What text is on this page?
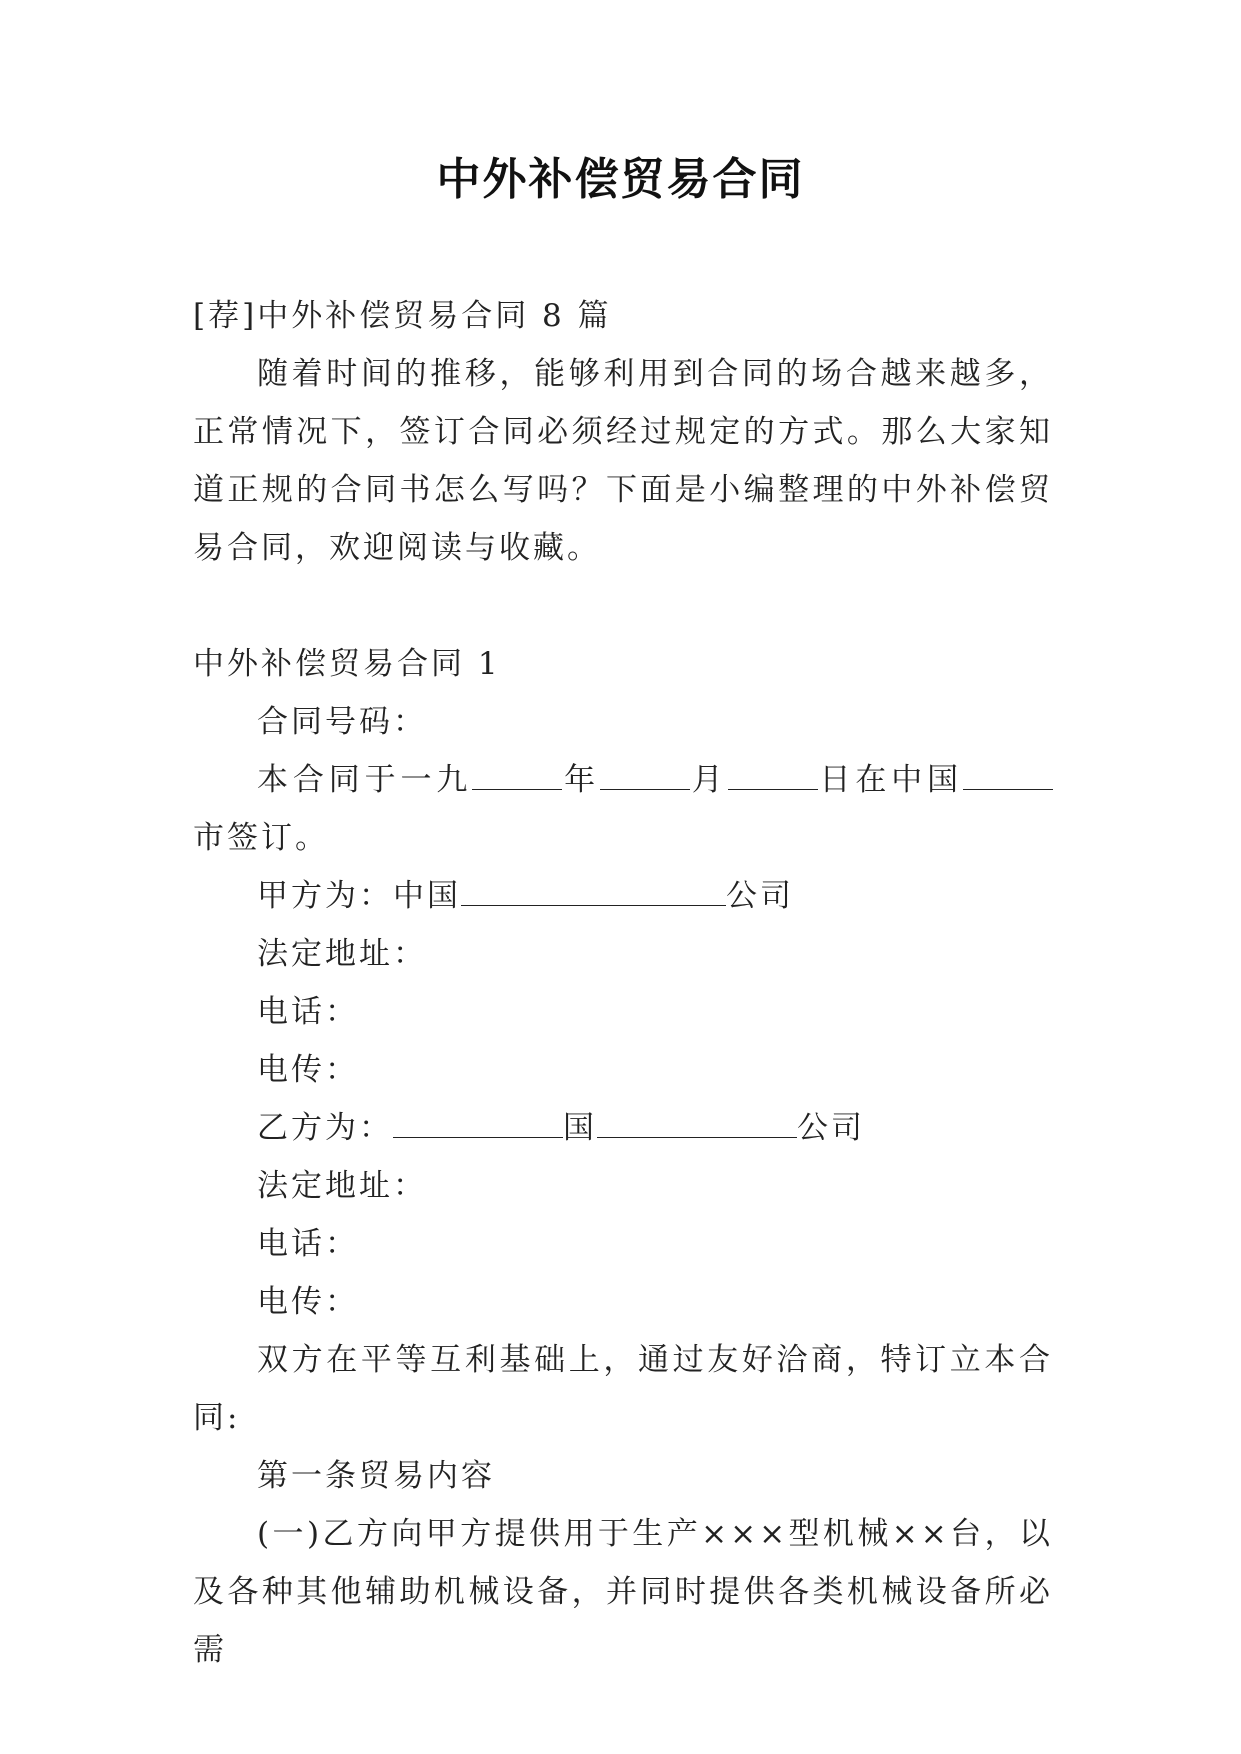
中外补偿贸易合同

[荐]中外补偿贸易合同 8 篇

随着时间的推移，能够利用到合同的场合越来越多，正常情况下，签订合同必须经过规定的方式。那么大家知道正规的合同书怎么写吗？下面是小编整理的中外补偿贸易合同，欢迎阅读与收藏。

中外补偿贸易合同 1

合同号码：

本合同于一九	年	月	日在中国市签订。

甲方为：中国	公司

法定地址：

电话：

电传：

乙方为：	国	公司

法定地址：

电话：

电传：

双方在平等互利基础上，通过友好洽商，特订立本合同:

第一条贸易内容

(一)乙方向甲方提供用于生产×××型机械××台，以及各种其他辅助机械设备，并同时提供各类机械设备所必需
